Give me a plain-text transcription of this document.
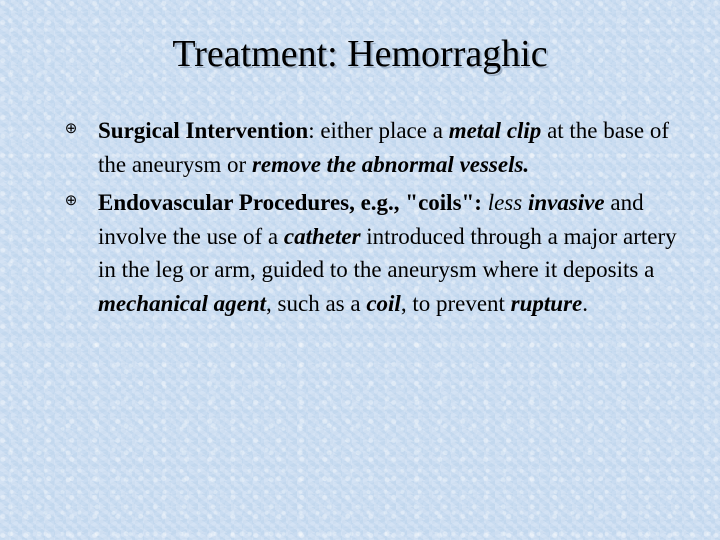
Treatment: Hemorraghic
⊕ Surgical Intervention: either place a metal clip at the base of the aneurysm or remove the abnormal vessels.
⊕ Endovascular Procedures, e.g., "coils": less invasive and involve the use of a catheter introduced through a major artery in the leg or arm, guided to the aneurysm where it deposits a mechanical agent, such as a coil, to prevent rupture.
